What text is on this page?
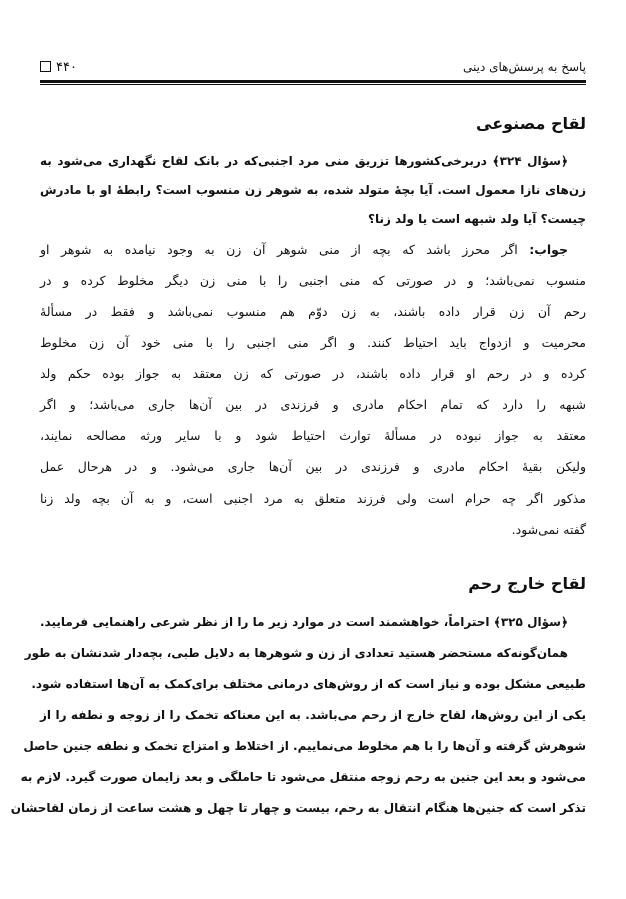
پاسخ به پرسش‌های دینی
۴۴۰
لقاح مصنوعی
﴿سؤال ۳۲۴﴾ دربرخی‌کشورها تزریق منی مرد اجنبی‌که در بانک لقاح نگهداری می‌شود به
زن‌های نازا معمول است. آیا بچهٔ متولد شده، به شوهر زن منسوب است؟ رابطهٔ او با مادرش
چیست؟ آیا ولد شبهه است یا ولد زنا؟
جواب: اگر محرز باشد که بچه از منی شوهر آن زن به وجود نیامده به شوهر او
منسوب نمی‌باشد؛ و در صورتی که منی اجنبی را با منی زن دیگر مخلوط کرده و در
رحم آن زن قرار داده باشند، به زن دوّم هم منسوب نمی‌باشد و فقط در مسألهٔ
محرمیت و ازدواج باید احتیاط کنند. و اگر منی اجنبی را با منی خود آن زن مخلوط
کرده و در رحم او قرار داده باشند، در صورتی که زن معتقد به جواز بوده حکم ولد
شبهه را دارد که تمام احکام مادری و فرزندی در بین آن‌ها جاری می‌باشد؛ و اگر
معتقد به جواز نبوده در مسألهٔ توارث احتیاط شود و با سایر ورثه مصالحه نمایند،
ولیکن بقیهٔ احکام مادری و فرزندی در بین آن‌ها جاری می‌شود. و در هرحال عمل
مذکور اگر چه حرام است ولی فرزند متعلق به مرد اجنبی است، و به آن بچه ولد زنا
گفته نمی‌شود.
لقاح خارج رحم
﴿سؤال ۳۲۵﴾ احتراماً، خواهشمند است در موارد زیر ما را از نظر شرعی راهنمایی فرمایید.
همان‌گونه‌که مستحضر هستید تعدادی از زن و شوهرها به دلایل طبی، بچه‌دار شدنشان به طور
طبیعی مشکل بوده و نیاز است که از روش‌های درمانی مختلف برای‌کمک به آن‌ها استفاده شود.
یکی از این روش‌ها، لقاح خارج از رحم می‌باشد. به این معناکه تخمک را از زوجه و نطفه را از
شوهرش گرفته و آن‌ها را با هم مخلوط می‌نماییم. از اختلاط و امتزاج تخمک و نطفه جنین حاصل
می‌شود و بعد این جنین به رحم زوجه منتقل می‌شود تا حاملگی و بعد زایمان صورت گیرد. لازم به
تذکر است که جنین‌ها هنگام انتقال به رحم، بیست و چهار تا چهل و هشت ساعت از زمان لقاحشان
